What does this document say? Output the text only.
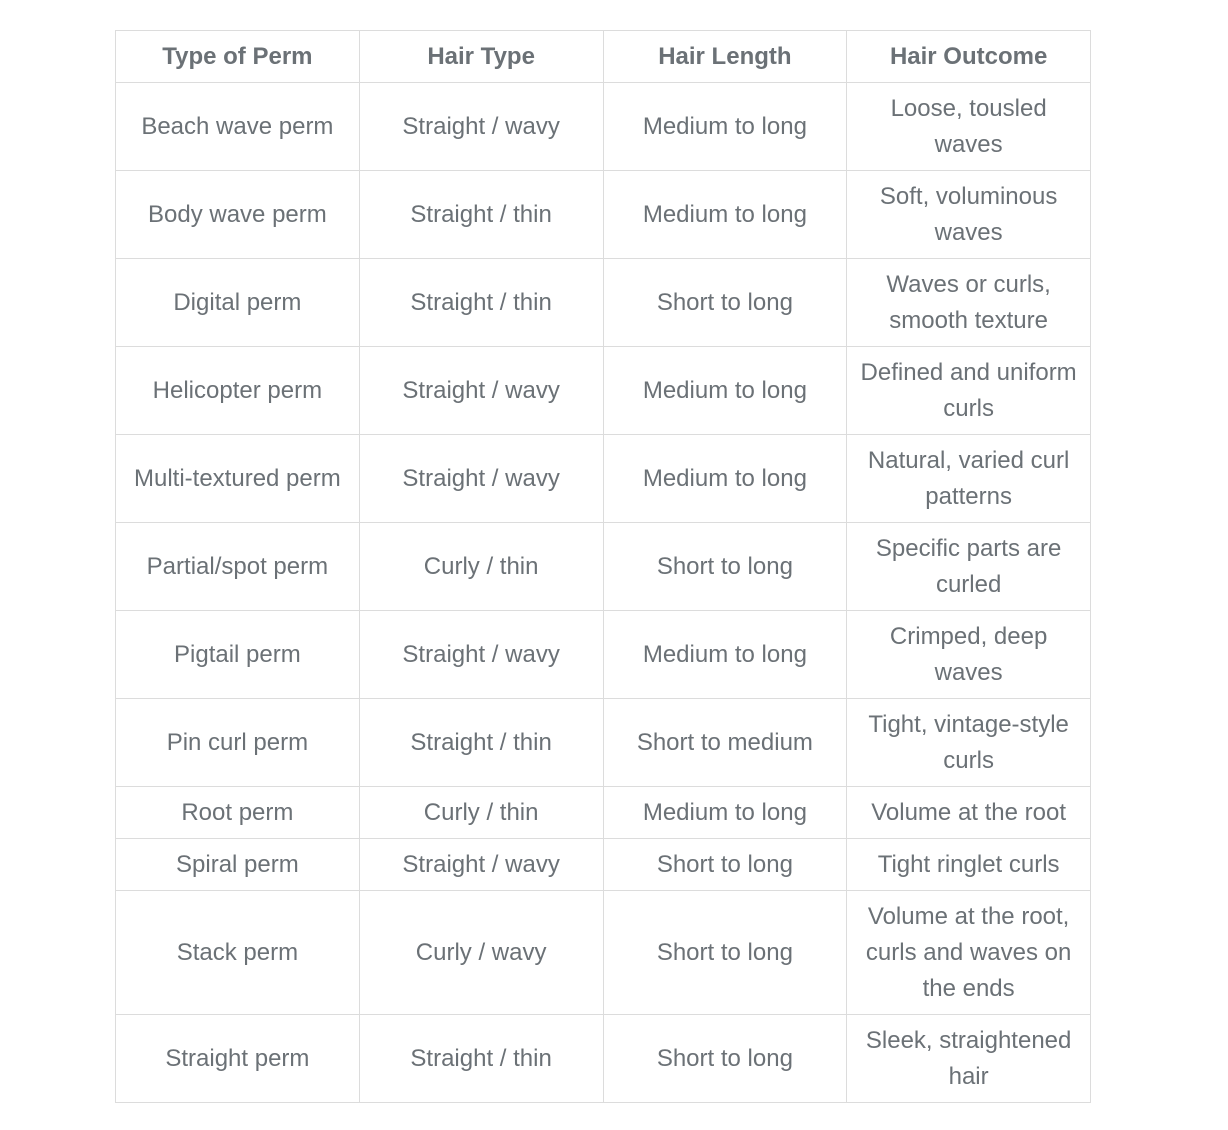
Type of Perm	Hair Type	Hair Length	Hair Outcome
Beach wave perm	Straight / wavy	Medium to long	Loose, tousled waves
Body wave perm	Straight / thin	Medium to long	Soft, voluminous waves
Digital perm	Straight / thin	Short to long	Waves or curls, smooth texture
Helicopter perm	Straight / wavy	Medium to long	Defined and uniform curls
Multi-textured perm	Straight / wavy	Medium to long	Natural, varied curl patterns
Partial/spot perm	Curly / thin	Short to long	Specific parts are curled
Pigtail perm	Straight / wavy	Medium to long	Crimped, deep waves
Pin curl perm	Straight / thin	Short to medium	Tight, vintage-style curls
Root perm	Curly / thin	Medium to long	Volume at the root
Spiral perm	Straight / wavy	Short to long	Tight ringlet curls
Stack perm	Curly / wavy	Short to long	Volume at the root, curls and waves on the ends
Straight perm	Straight / thin	Short to long	Sleek, straightened hair
